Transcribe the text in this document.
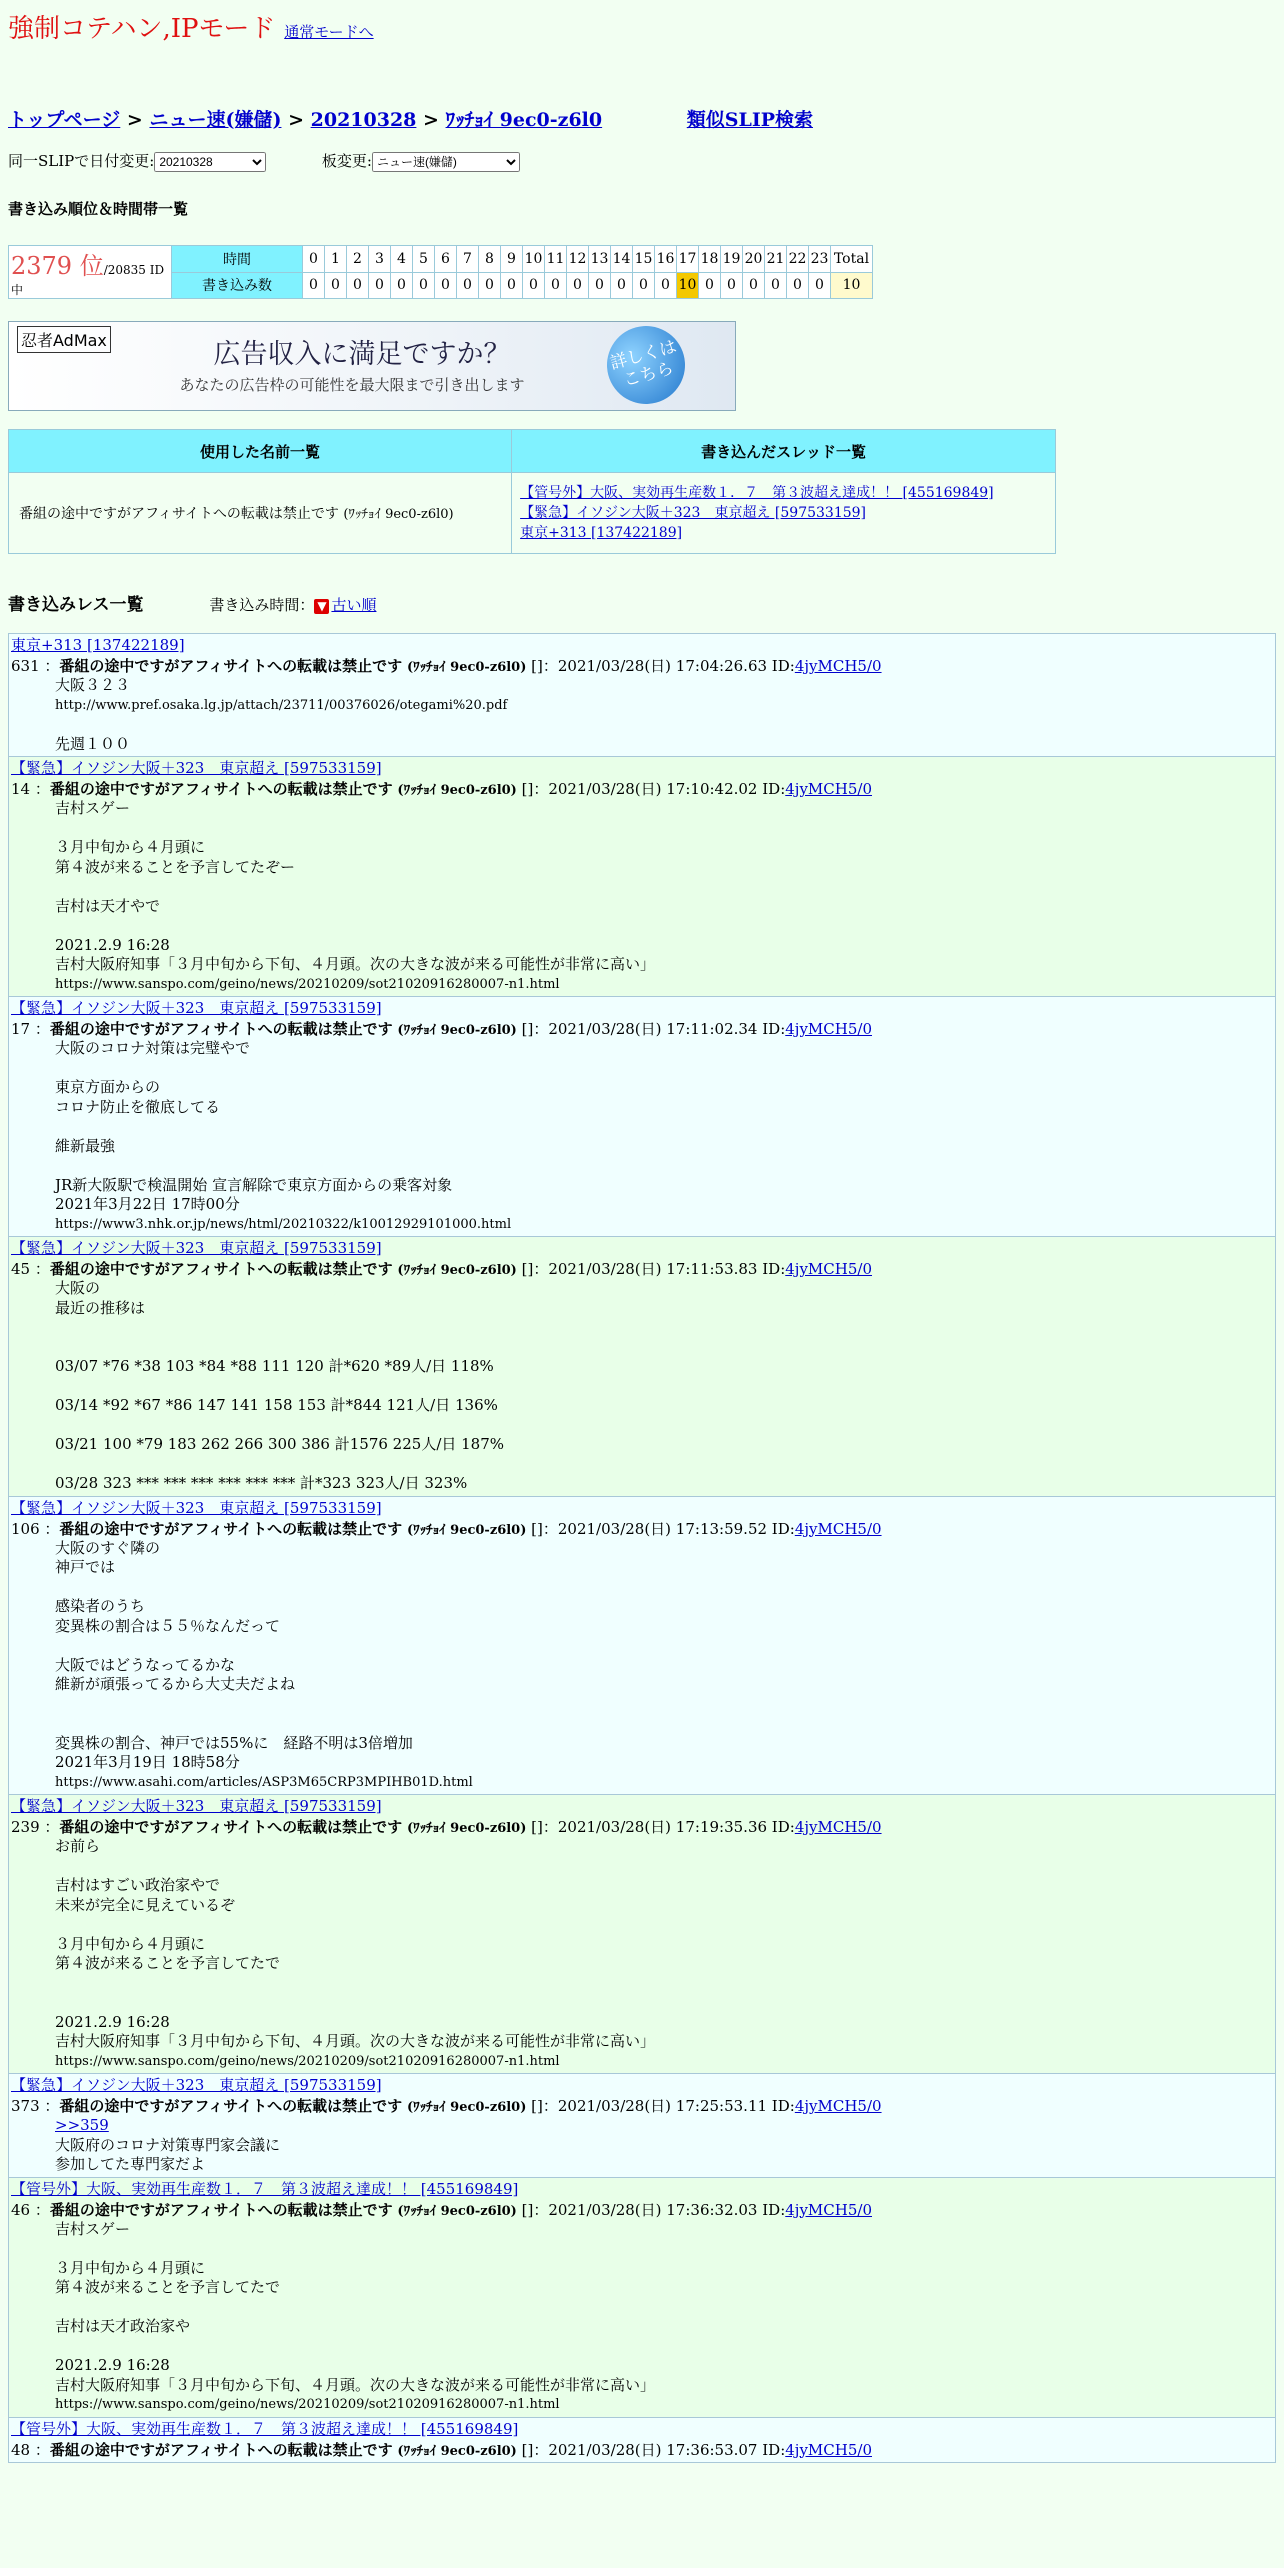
強制コテハン,IPモード 通常モードへ
トップページ > ニュー速(嫌儲) > 20210328 > ﾜｯﾁｮｲ 9ec0-z6l0	類似SLIP検索
同一SLIPで日付変更:
20210328	板変更:
ニュー速(嫌儲)
書き込み順位＆時間帯一覧
2379 位/20835 ID中	時間	0	1	2	3	4	5	6	7	8	9	10	11	12	13	14	15	16	17	18	19	20	21	22	23	Total
	書き込み数	0	0	0	0	0	0	0	0	0	0	0	0	0	0	0	0	0	10	0	0	0	0	0	0	10
忍者AdMax	広告収入に満足ですか？
あなたの広告枠の可能性を最大限まで引き出します
詳しくは こちら
使用した名前一覧	書き込んだスレッド一覧
番組の途中ですがアフィサイトへの転載は禁止です (ﾜｯﾁｮｲ 9ec0-z6l0)	【管号外】大阪、実効再生産数１．７　第３波超え達成！！ [455169849]
【緊急】イソジン大阪＋323　東京超え [597533159]
東京+313 [137422189]
書き込みレス一覧	書き込み時間： ▼ 古い順
東京+313 [137422189]
631 ：番組の途中ですがアフィサイトへの転載は禁止です (ﾜｯﾁｮｲ 9ec0-z6l0) []：2021/03/28(日) 17:04:26.63 ID:4jyMCH5/0

大阪３２３

http://www.pref.osaka.lg.jp/attach/23711/00376026/otegami%20.pdf

先週１００

【緊急】イソジン大阪＋323　東京超え [597533159]
14 ：番組の途中ですがアフィサイトへの転載は禁止です (ﾜｯﾁｮｲ 9ec0-z6l0) []：2021/03/28(日) 17:10:42.02 ID:4jyMCH5/0

吉村スゲー

３月中旬から４月頭に

第４波が来ることを予言してたぞー

吉村は天才やで

2021.2.9 16:28

吉村大阪府知事「３月中旬から下旬、４月頭。次の大きな波が来る可能性が非常に高い」

https://www.sanspo.com/geino/news/20210209/sot21020916280007-n1.html

【緊急】イソジン大阪＋323　東京超え [597533159]
17 ：番組の途中ですがアフィサイトへの転載は禁止です (ﾜｯﾁｮｲ 9ec0-z6l0) []：2021/03/28(日) 17:11:02.34 ID:4jyMCH5/0

大阪のコロナ対策は完璧やで

東京方面からの

コロナ防止を徹底してる

維新最強

JR新大阪駅で検温開始 宣言解除で東京方面からの乗客対象

2021年3月22日 17時00分

https://www3.nhk.or.jp/news/html/20210322/k10012929101000.html

【緊急】イソジン大阪＋323　東京超え [597533159]
45 ：番組の途中ですがアフィサイトへの転載は禁止です (ﾜｯﾁｮｲ 9ec0-z6l0) []：2021/03/28(日) 17:11:53.83 ID:4jyMCH5/0

大阪の

最近の推移は

03/07 *76 *38 103 *84 *88 111 120 計*620 *89人/日 118%

03/14 *92 *67 *86 147 141 158 153 計*844 121人/日 136%

03/21 100 *79 183 262 266 300 386 計1576 225人/日 187%

03/28 323 *** *** *** *** *** *** 計*323 323人/日 323%

【緊急】イソジン大阪＋323　東京超え [597533159]
106 ：番組の途中ですがアフィサイトへの転載は禁止です (ﾜｯﾁｮｲ 9ec0-z6l0) []：2021/03/28(日) 17:13:59.52 ID:4jyMCH5/0

大阪のすぐ隣の

神戸では

感染者のうち

変異株の割合は５５％なんだって

大阪ではどうなってるかな

維新が頑張ってるから大丈夫だよね

変異株の割合、神戸では55%に　経路不明は3倍増加

2021年3月19日 18時58分

https://www.asahi.com/articles/ASP3M65CRP3MPIHB01D.html

【緊急】イソジン大阪＋323　東京超え [597533159]
239 ：番組の途中ですがアフィサイトへの転載は禁止です (ﾜｯﾁｮｲ 9ec0-z6l0) []：2021/03/28(日) 17:19:35.36 ID:4jyMCH5/0

お前ら

吉村はすごい政治家やで

未来が完全に見えているぞ

３月中旬から４月頭に

第４波が来ることを予言してたで

2021.2.9 16:28

吉村大阪府知事「３月中旬から下旬、４月頭。次の大きな波が来る可能性が非常に高い」

https://www.sanspo.com/geino/news/20210209/sot21020916280007-n1.html

【緊急】イソジン大阪＋323　東京超え [597533159]
373 ：番組の途中ですがアフィサイトへの転載は禁止です (ﾜｯﾁｮｲ 9ec0-z6l0) []：2021/03/28(日) 17:25:53.11 ID:4jyMCH5/0

>>359

大阪府のコロナ対策専門家会議に

参加してた専門家だよ

【管号外】大阪、実効再生産数１．７　第３波超え達成！！ [455169849]
46 ：番組の途中ですがアフィサイトへの転載は禁止です (ﾜｯﾁｮｲ 9ec0-z6l0) []：2021/03/28(日) 17:36:32.03 ID:4jyMCH5/0

吉村スゲー

３月中旬から４月頭に

第４波が来ることを予言してたで

吉村は天才政治家や

2021.2.9 16:28

吉村大阪府知事「３月中旬から下旬、４月頭。次の大きな波が来る可能性が非常に高い」

https://www.sanspo.com/geino/news/20210209/sot21020916280007-n1.html

【管号外】大阪、実効再生産数１．７　第３波超え達成！！ [455169849]
48 ：番組の途中ですがアフィサイトへの転載は禁止です (ﾜｯﾁｮｲ 9ec0-z6l0) []：2021/03/28(日) 17:36:53.07 ID:4jyMCH5/0
